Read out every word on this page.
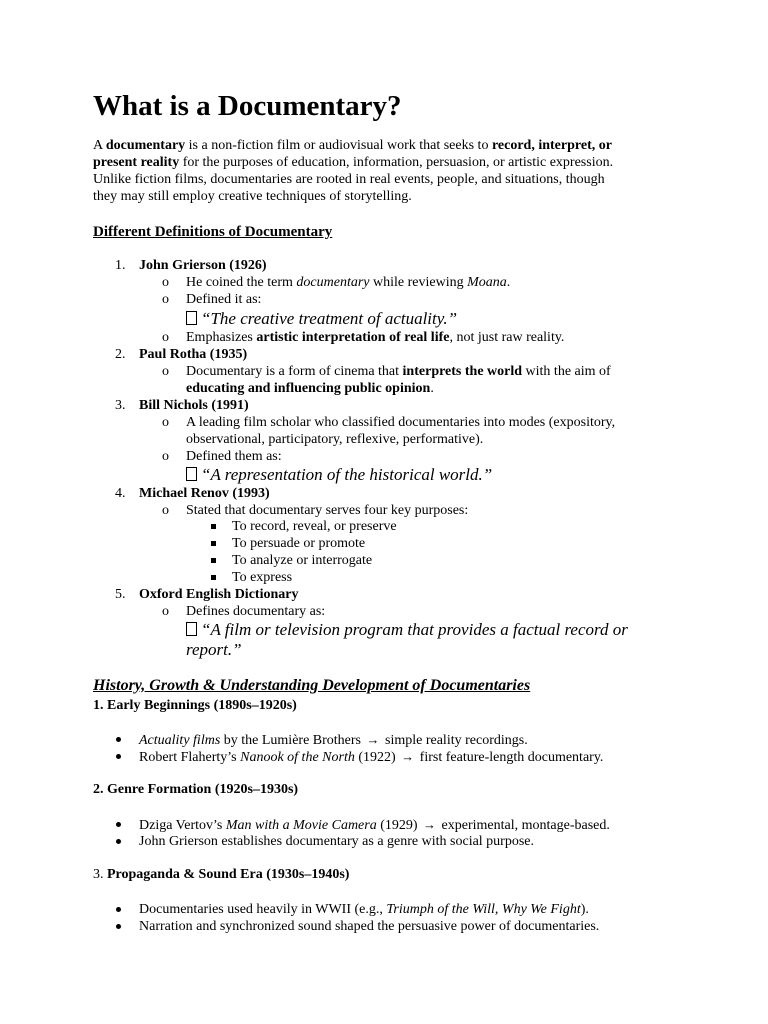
What is a Documentary?
A documentary is a non-fiction film or audiovisual work that seeks to record, interpret, or
present reality for the purposes of education, information, persuasion, or artistic expression.
Unlike fiction films, documentaries are rooted in real events, people, and situations, though
they may still employ creative techniques of storytelling.
Different Definitions of Documentary
1. John Grierson (1926)
o He coined the term documentary while reviewing Moana.
o Defined it as:
“The creative treatment of actuality.”
o Emphasizes artistic interpretation of real life, not just raw reality.
2. Paul Rotha (1935)
o Documentary is a form of cinema that interprets the world with the aim of
educating and influencing public opinion.
3. Bill Nichols (1991)
o A leading film scholar who classified documentaries into modes (expository,
observational, participatory, reflexive, performative).
o Defined them as:
“A representation of the historical world.”
4. Michael Renov (1993)
o Stated that documentary serves four key purposes:
To record, reveal, or preserve
To persuade or promote
To analyze or interrogate
To express
5. Oxford English Dictionary
o Defines documentary as:
“A film or television program that provides a factual record or
report.”
History, Growth & Understanding Development of Documentaries
1. Early Beginnings (1890s–1920s)
Actuality films by the Lumière Brothers → simple reality recordings.
Robert Flaherty’s Nanook of the North (1922) → first feature-length documentary.
2. Genre Formation (1920s–1930s)
Dziga Vertov’s Man with a Movie Camera (1929) → experimental, montage-based.
John Grierson establishes documentary as a genre with social purpose.
3. Propaganda & Sound Era (1930s–1940s)
Documentaries used heavily in WWII (e.g., Triumph of the Will, Why We Fight).
Narration and synchronized sound shaped the persuasive power of documentaries.
